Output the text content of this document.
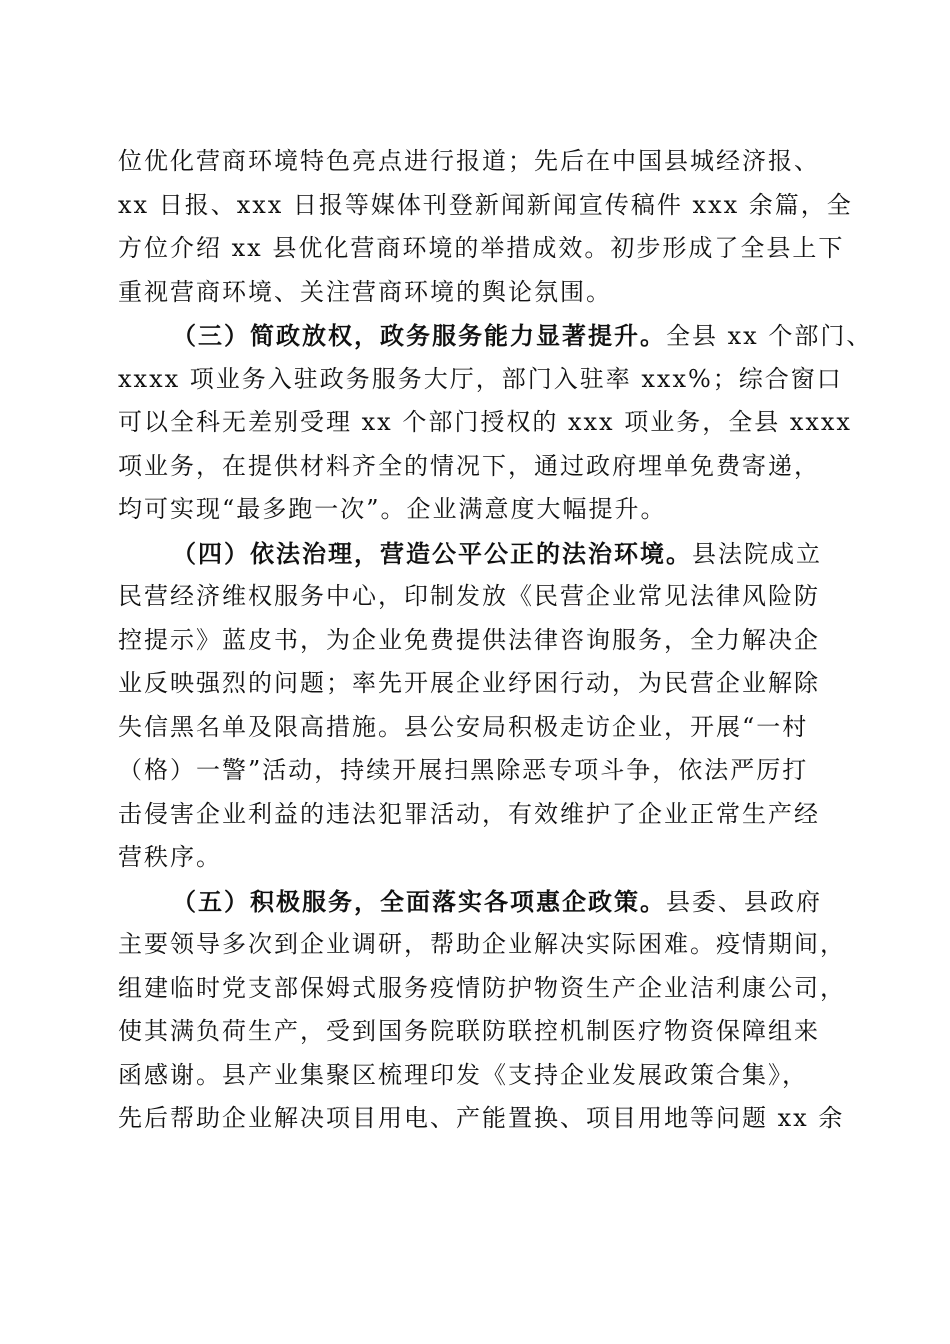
位优化营商环境特色亮点进行报道；先后在中国县城经济报、
xx 日报、xxx 日报等媒体刊登新闻新闻宣传稿件 xxx 余篇，全
方位介绍 xx 县优化营商环境的举措成效。初步形成了全县上下
重视营商环境、关注营商环境的舆论氛围。
（三）简政放权，政务服务能力显著提升。全县 xx 个部门、
xxxx 项业务入驻政务服务大厅，部门入驻率 xxx%；综合窗口
可以全科无差别受理 xx 个部门授权的 xxx 项业务，全县 xxxx
项业务，在提供材料齐全的情况下，通过政府埋单免费寄递，
均可实现“最多跑一次”。企业满意度大幅提升。
（四）依法治理，营造公平公正的法治环境。县法院成立
民营经济维权服务中心，印制发放《民营企业常见法律风险防
控提示》蓝皮书，为企业免费提供法律咨询服务，全力解决企
业反映强烈的问题；率先开展企业纾困行动，为民营企业解除
失信黑名单及限高措施。县公安局积极走访企业，开展“一村
（格）一警”活动，持续开展扫黑除恶专项斗争，依法严厉打
击侵害企业利益的违法犯罪活动，有效维护了企业正常生产经
营秩序。
（五）积极服务，全面落实各项惠企政策。县委、县政府
主要领导多次到企业调研，帮助企业解决实际困难。疫情期间，
组建临时党支部保姆式服务疫情防护物资生产企业洁利康公司，
使其满负荷生产，受到国务院联防联控机制医疗物资保障组来
函感谢。县产业集聚区梳理印发《支持企业发展政策合集》，
先后帮助企业解决项目用电、产能置换、项目用地等问题 xx 余
